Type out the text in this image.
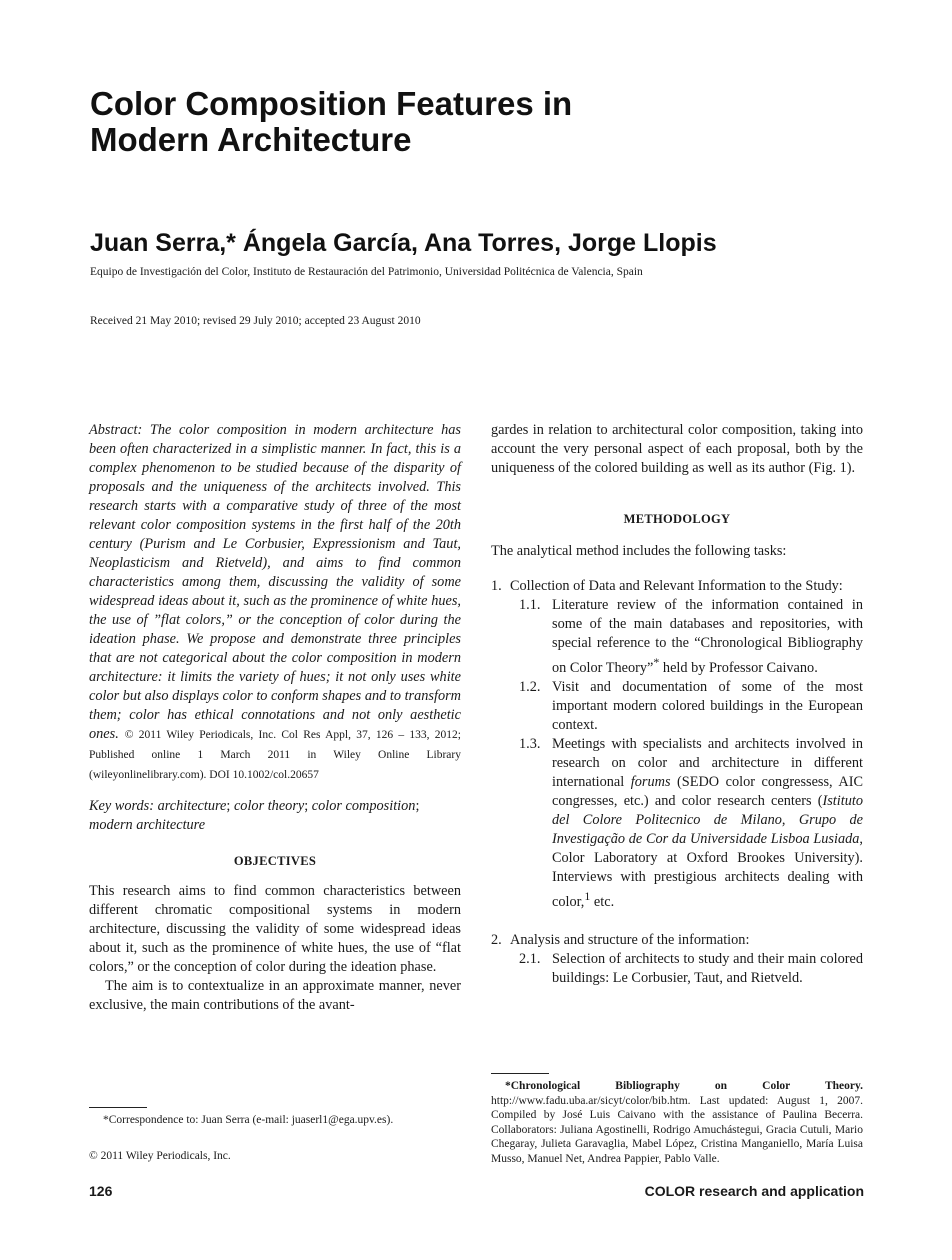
Color Composition Features in
Modern Architecture
Juan Serra,* Ángela García, Ana Torres, Jorge Llopis
Equipo de Investigación del Color, Instituto de Restauración del Patrimonio, Universidad Politécnica de Valencia, Spain
Received 21 May 2010; revised 29 July 2010; accepted 23 August 2010

Abstract: The color composition in modern architecture has been often characterized in a simplistic manner. In fact, this is a complex phenomenon to be studied because of the disparity of proposals and the uniqueness of the architects involved. This research starts with a comparative study of three of the most relevant color composition systems in the first half of the 20th century (Purism and Le Corbusier, Expressionism and Taut, Neoplasticism and Rietveld), and aims to find common characteristics among them, discussing the validity of some widespread ideas about it, such as the prominence of white hues, the use of ”flat colors,” or the conception of color during the ideation phase. We propose and demonstrate three principles that are not categorical about the color composition in modern architecture: it limits the variety of hues; it not only uses white color but also displays color to conform shapes and to transform them; color has ethical connotations and not only aesthetic ones. © 2011 Wiley Periodicals, Inc. Col Res Appl, 37, 126 – 133, 2012; Published online 1 March 2011 in Wiley Online Library (wileyonlinelibrary.com). DOI 10.1002/col.20657

Key words: architecture; color theory; color composition; modern architecture

OBJECTIVES

This research aims to find common characteristics between different chromatic compositional systems in modern architecture, discussing the validity of some widespread ideas about it, such as the prominence of white hues, the use of “flat colors,” or the conception of color during the ideation phase.

The aim is to contextualize in an approximate manner, never exclusive, the main contributions of the avant-

gardes in relation to architectural color composition, taking into account the very personal aspect of each proposal, both by the uniqueness of the colored building as well as its author (Fig. 1).

METHODOLOGY

The analytical method includes the following tasks:

1. Collection of Data and Relevant Information to the Study:
1.1. Literature review of the information contained in some of the main databases and repositories, with special reference to the “Chronological Bibliography on Color Theory”* held by Professor Caivano.
1.2. Visit and documentation of some of the most important modern colored buildings in the European context.
1.3. Meetings with specialists and architects involved in research on color and architecture in different international forums (SEDO color congressess, AIC congresses, etc.) and color research centers (Istituto del Colore Politecnico de Milano, Grupo de Investigação de Cor da Universidade Lisboa Lusiada, Color Laboratory at Oxford Brookes University). Interviews with prestigious architects dealing with color,$^1$ etc.
2. Analysis and structure of the information:
2.1. Selection of architects to study and their main colored buildings: Le Corbusier, Taut, and Rietveld.
*Correspondence to: Juan Serra (e-mail: juaserl1@ega.upv.es).
© 2011 Wiley Periodicals, Inc.
*Chronological Bibliography on Color Theory. http://www.fadu.uba.ar/sicyt/color/bib.htm. Last updated: August 1, 2007. Compiled by José Luis Caivano with the assistance of Paulina Becerra. Collaborators: Juliana Agostinelli, Rodrigo Amuchástegui, Gracia Cutuli, Mario Chegaray, Julieta Garavaglia, Mabel López, Cristina Manganiello, María Luisa Musso, Manuel Net, Andrea Pappier, Pablo Valle.
126	COLOR research and application
